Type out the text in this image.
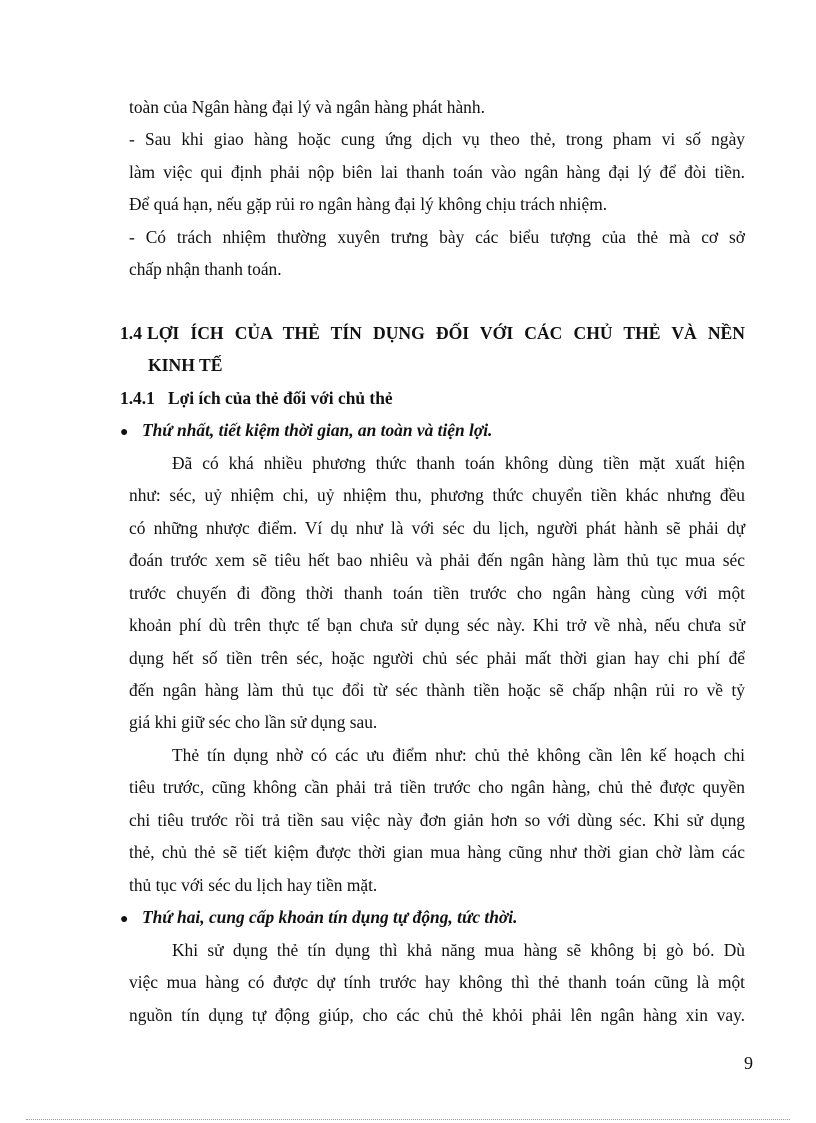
toàn của Ngân hàng đại lý và ngân hàng phát hành.
- Sau khi giao hàng hoặc cung ứng dịch vụ theo thẻ, trong pham vi số ngày
làm việc qui định phải nộp biên lai thanh toán vào ngân hàng đại lý để đòi tiền.
Để quá hạn, nếu gặp rủi ro ngân hàng đại lý không chịu trách nhiệm.
- Có trách nhiệm thường xuyên trưng bày các biểu tượng của thẻ mà cơ sở
chấp nhận thanh toán.
1.4 LỢI ÍCH CỦA THẺ TÍN DỤNG ĐỐI VỚI CÁC CHỦ THẺ VÀ NỀN
KINH TẾ
1.4.1 Lợi ích của thẻ đối với chủ thẻ
● Thứ nhất, tiết kiệm thời gian, an toàn và tiện lợi.
Đã có khá nhiều phương thức thanh toán không dùng tiền mặt xuất hiện
như: séc, uỷ nhiệm chi, uỷ nhiệm thu, phương thức chuyển tiền khác nhưng đều
có những nhược điểm. Ví dụ như là với séc du lịch, người phát hành sẽ phải dự
đoán trước xem sẽ tiêu hết bao nhiêu và phải đến ngân hàng làm thủ tục mua séc
trước chuyến đi đồng thời thanh toán tiền trước cho ngân hàng cùng với một
khoản phí dù trên thực tế bạn chưa sử dụng séc này. Khi trở về nhà, nếu chưa sử
dụng hết số tiền trên séc, hoặc người chủ séc phải mất thời gian hay chi phí để
đến ngân hàng làm thủ tục đổi từ séc thành tiền hoặc sẽ chấp nhận rủi ro về tỷ
giá khi giữ séc cho lần sử dụng sau.
Thẻ tín dụng nhờ có các ưu điểm như: chủ thẻ không cần lên kế hoạch chi
tiêu trước, cũng không cần phải trả tiền trước cho ngân hàng, chủ thẻ được quyền
chi tiêu trước rồi trả tiền sau việc này đơn giản hơn so với dùng séc. Khi sử dụng
thẻ, chủ thẻ sẽ tiết kiệm được thời gian mua hàng cũng như thời gian chờ làm các
thủ tục với séc du lịch hay tiền mặt.
● Thứ hai, cung cấp khoản tín dụng tự động, tức thời.
Khi sử dụng thẻ tín dụng thì khả năng mua hàng sẽ không bị gò bó. Dù
việc mua hàng có được dự tính trước hay không thì thẻ thanh toán cũng là một
nguồn tín dụng tự động giúp, cho các chủ thẻ khỏi phải lên ngân hàng xin vay.
9
